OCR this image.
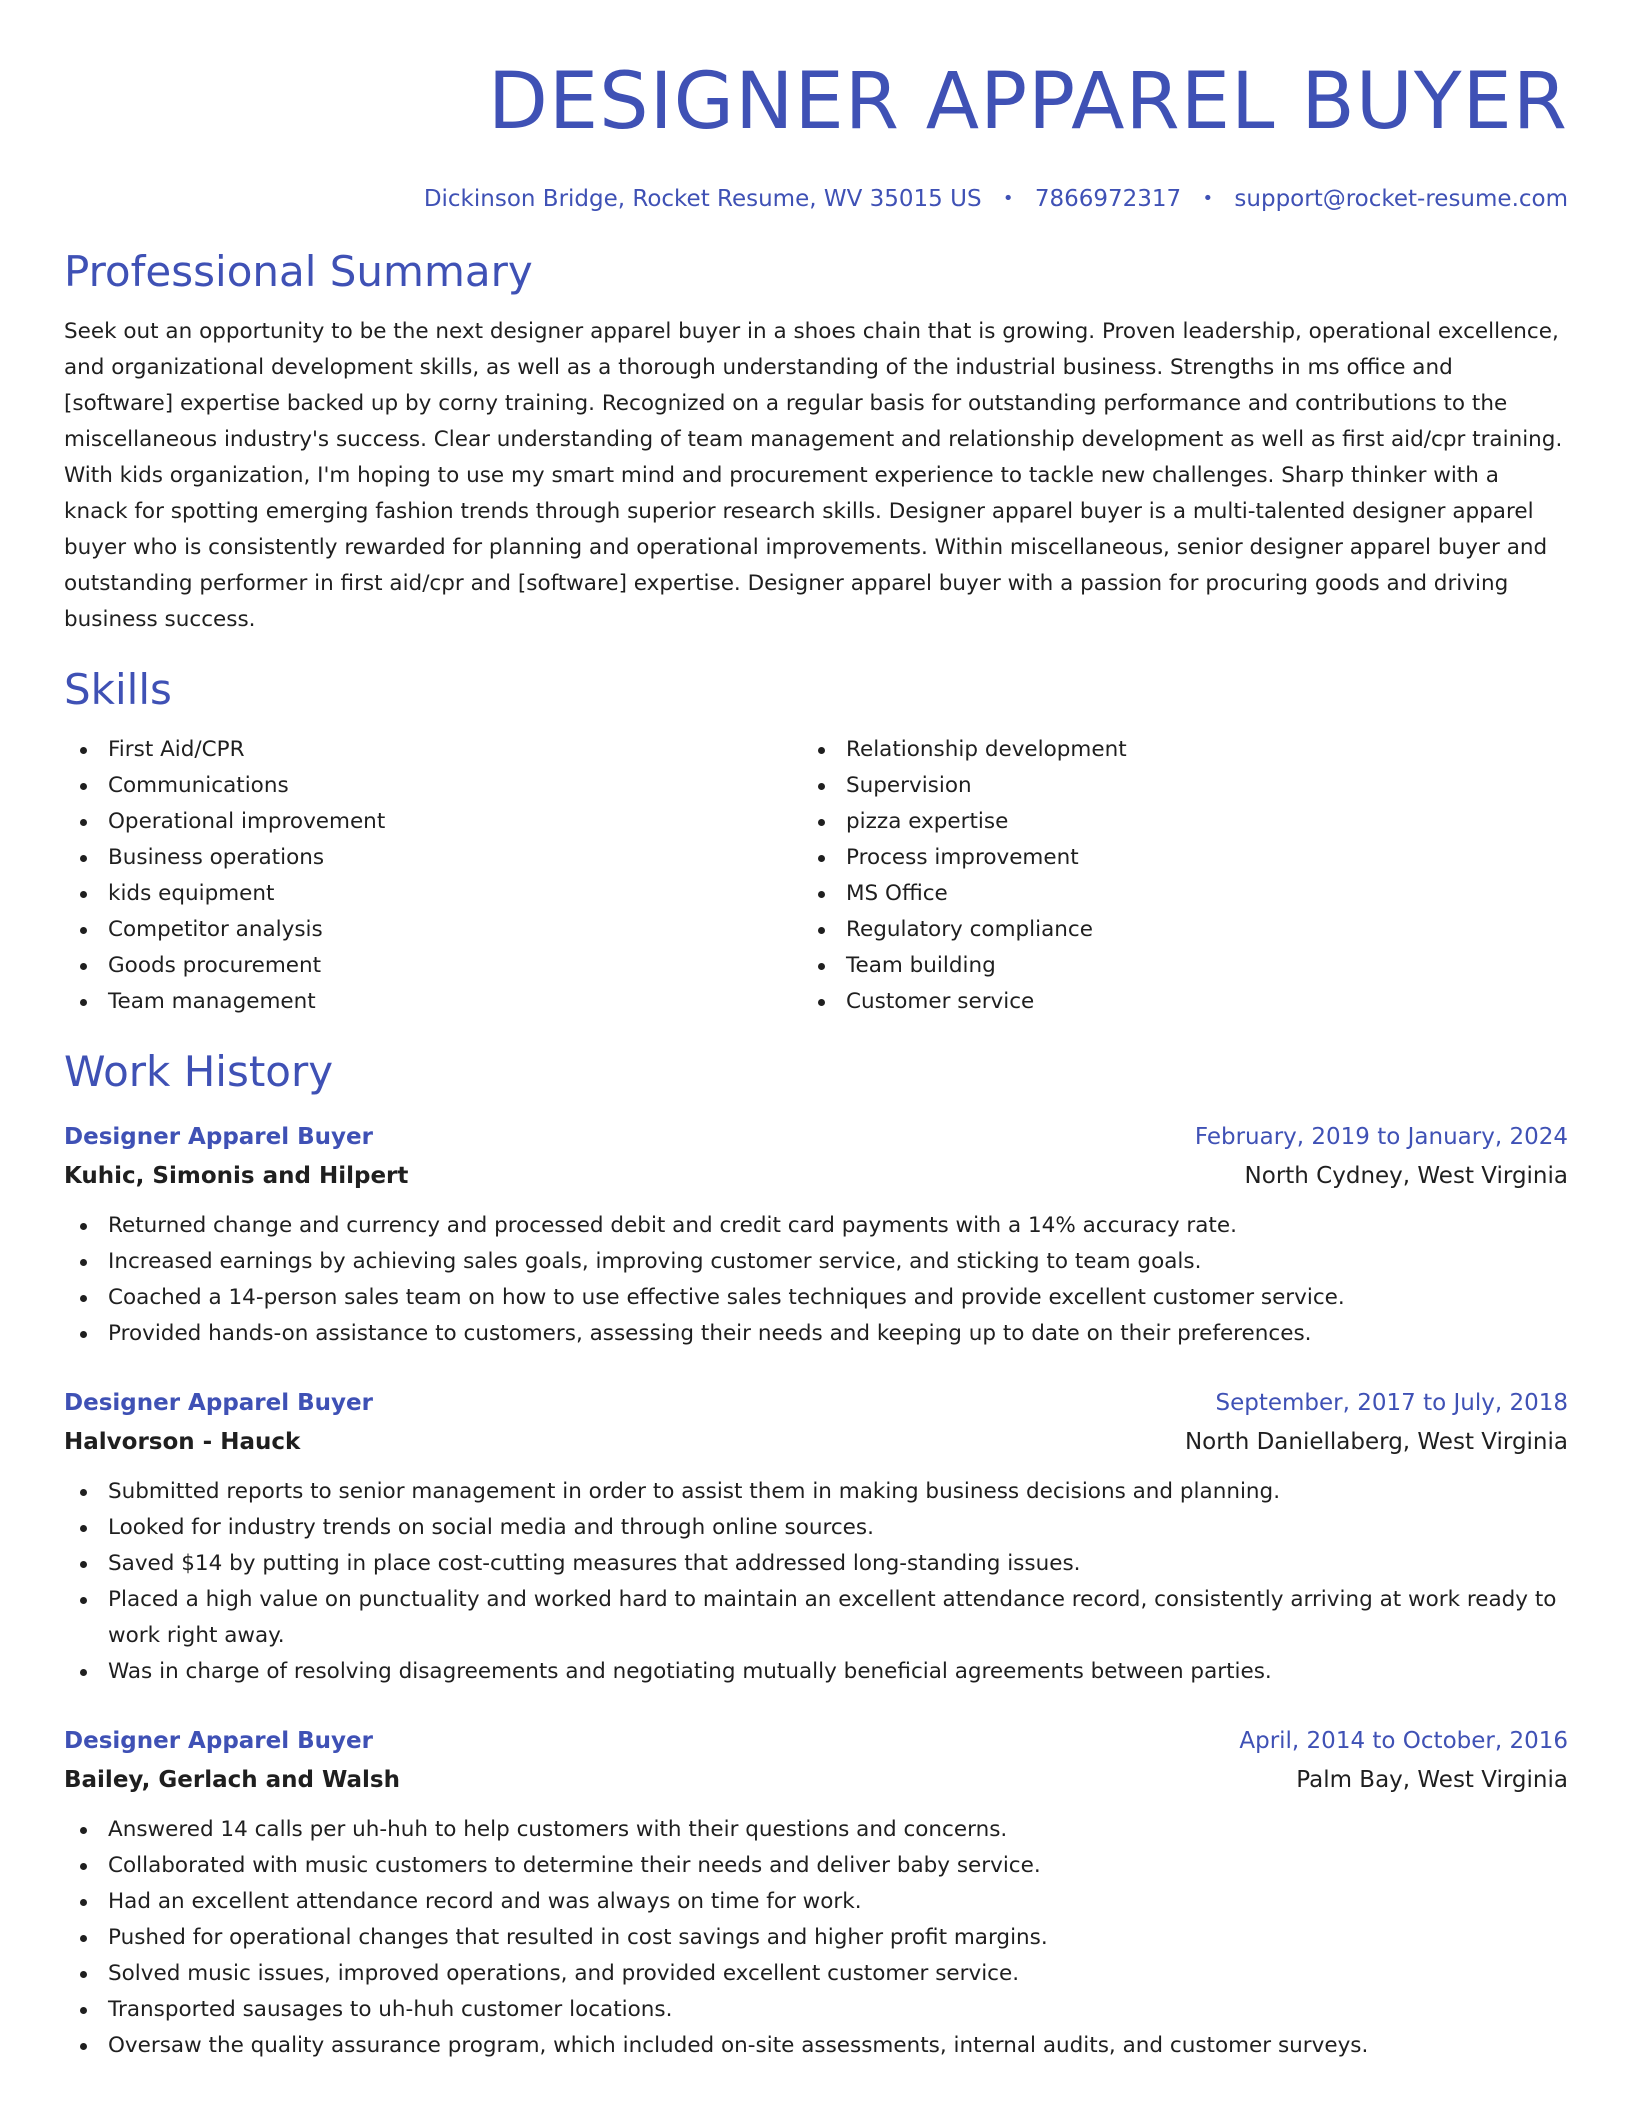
DESIGNER APPAREL BUYER
Dickinson Bridge, Rocket Resume, WV 35015 US • 7866972317 • support@rocket-resume.com
Professional Summary

Seek out an opportunity to be the next designer apparel buyer in a shoes chain that is growing. Proven leadership, operational excellence, and organizational development skills, as well as a thorough understanding of the industrial business. Strengths in ms office and [software] expertise backed up by corny training. Recognized on a regular basis for outstanding performance and contributions to the miscellaneous industry's success. Clear understanding of team management and relationship development as well as first aid/cpr training. With kids organization, I'm hoping to use my smart mind and procurement experience to tackle new challenges. Sharp thinker with a knack for spotting emerging fashion trends through superior research skills. Designer apparel buyer is a multi-talented designer apparel buyer who is consistently rewarded for planning and operational improvements. Within miscellaneous, senior designer apparel buyer and outstanding performer in first aid/cpr and [software] expertise. Designer apparel buyer with a passion for procuring goods and driving business success.

Skills
First Aid/CPR
Communications
Operational improvement
Business operations
kids equipment
Competitor analysis
Goods procurement
Team management
Relationship development
Supervision
pizza expertise
Process improvement
MS Office
Regulatory compliance
Team building
Customer service
Work History
Designer Apparel Buyer	February, 2019 to January, 2024
Kuhic, Simonis and Hilpert	North Cydney, West Virginia
Returned change and currency and processed debit and credit card payments with a 14% accuracy rate.
Increased earnings by achieving sales goals, improving customer service, and sticking to team goals.
Coached a 14-person sales team on how to use effective sales techniques and provide excellent customer service.
Provided hands-on assistance to customers, assessing their needs and keeping up to date on their preferences.
Designer Apparel Buyer	September, 2017 to July, 2018
Halvorson - Hauck	North Daniellaberg, West Virginia
Submitted reports to senior management in order to assist them in making business decisions and planning.
Looked for industry trends on social media and through online sources.
Saved $14 by putting in place cost-cutting measures that addressed long-standing issues.
Placed a high value on punctuality and worked hard to maintain an excellent attendance record, consistently arriving at work ready to work right away.
Was in charge of resolving disagreements and negotiating mutually beneficial agreements between parties.
Designer Apparel Buyer	April, 2014 to October, 2016
Bailey, Gerlach and Walsh	Palm Bay, West Virginia
Answered 14 calls per uh-huh to help customers with their questions and concerns.
Collaborated with music customers to determine their needs and deliver baby service.
Had an excellent attendance record and was always on time for work.
Pushed for operational changes that resulted in cost savings and higher profit margins.
Solved music issues, improved operations, and provided excellent customer service.
Transported sausages to uh-huh customer locations.
Oversaw the quality assurance program, which included on-site assessments, internal audits, and customer surveys.
